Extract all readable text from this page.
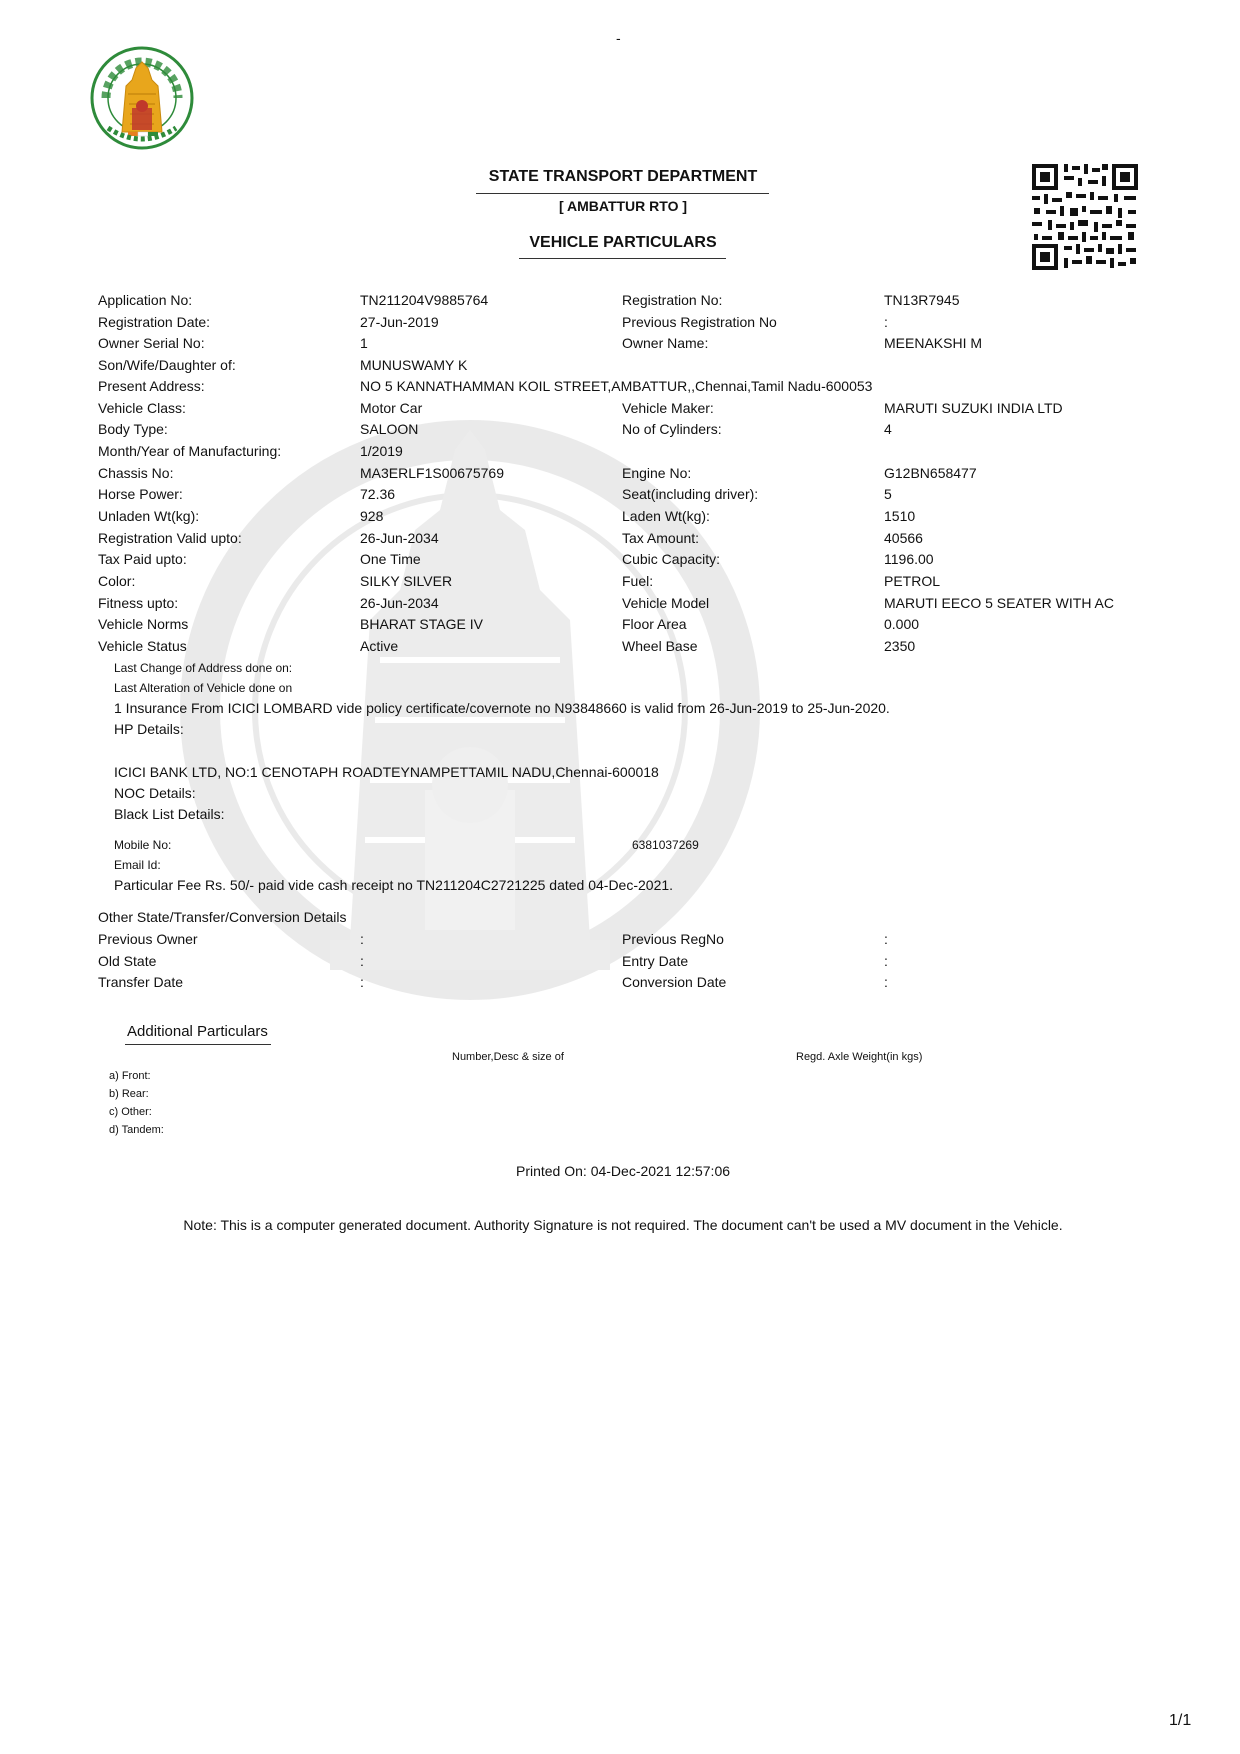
-
STATE TRANSPORT DEPARTMENT
[ AMBATTUR RTO ]
VEHICLE PARTICULARS
Application No:	TN211204V9885764	Registration No:	TN13R7945
Registration Date:	27-Jun-2019	Previous Registration No	:
Owner Serial No:	1	Owner Name:	MEENAKSHI M
Son/Wife/Daughter of:	MUNUSWAMY K
Present Address:	NO 5 KANNATHAMMAN KOIL STREET,AMBATTUR,,Chennai,Tamil Nadu-600053
Vehicle Class:	Motor Car	Vehicle Maker:	MARUTI SUZUKI INDIA LTD
Body Type:	SALOON	No of Cylinders:	4
Month/Year of Manufacturing:	1/2019
Chassis No:	MA3ERLF1S00675769	Engine No:	G12BN658477
Horse Power:	72.36	Seat(including driver):	5
Unladen Wt(kg):	928	Laden Wt(kg):	1510
Registration Valid upto:	26-Jun-2034	Tax Amount:	40566
Tax Paid upto:	One Time	Cubic Capacity:	1196.00
Color:	SILKY SILVER	Fuel:	PETROL
Fitness upto:	26-Jun-2034	Vehicle Model	MARUTI EECO 5 SEATER WITH AC
Vehicle Norms	BHARAT STAGE IV	Floor Area	0.000
Vehicle Status	Active	Wheel Base	2350
Last Change of Address done on:
Last Alteration of Vehicle done on
1 Insurance From ICICI LOMBARD vide policy certificate/covernote no N93848660 is valid from 26-Jun-2019 to 25-Jun-2020.
HP Details:
ICICI BANK LTD, NO:1 CENOTAPH ROADTEYNAMPETTAMIL NADU,Chennai-600018
NOC Details:
Black List Details:
Mobile No:	6381037269
Email Id:
Particular Fee Rs. 50/- paid vide cash receipt no TN211204C2721225 dated 04-Dec-2021.
Other State/Transfer/Conversion Details
Previous Owner	:	Previous RegNo	:
Old State	:	Entry Date	:
Transfer Date	:	Conversion Date	:
Additional Particulars
Number,Desc & size of	Regd. Axle Weight(in kgs)
a) Front:
b) Rear:
c) Other:
d) Tandem:
Printed On: 04-Dec-2021 12:57:06
Note: This is a computer generated document. Authority Signature is not required. The document can't be used a MV document in the Vehicle.
1/1
